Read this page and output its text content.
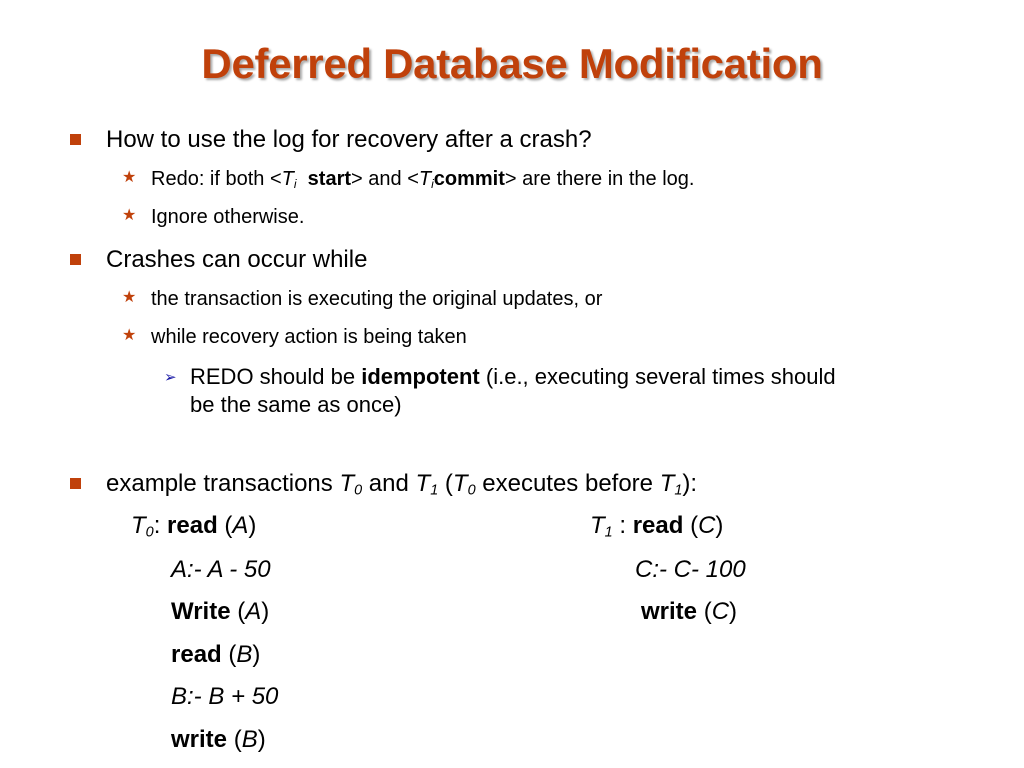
Deferred Database Modification
How to use the log for recovery after a crash?
★ Redo: if both $<T_i$ start> and $<T_icommit>$ are there in the log.
★ Ignore otherwise.
Crashes can occur while
★ the transaction is executing the original updates, or
★ while recovery action is being taken
➢ REDO should be idempotent (i.e., executing several times should
be the same as once)
example transactions $T_0$ and $T_1$ ($T_0$ executes before $T_1$):
$T_0$: read (A)
A:- A - 50
Write (A)
read (B)
B:- B + 50
write (B)
$T_1$ : read (C)
C:- C- 100
write (C)
